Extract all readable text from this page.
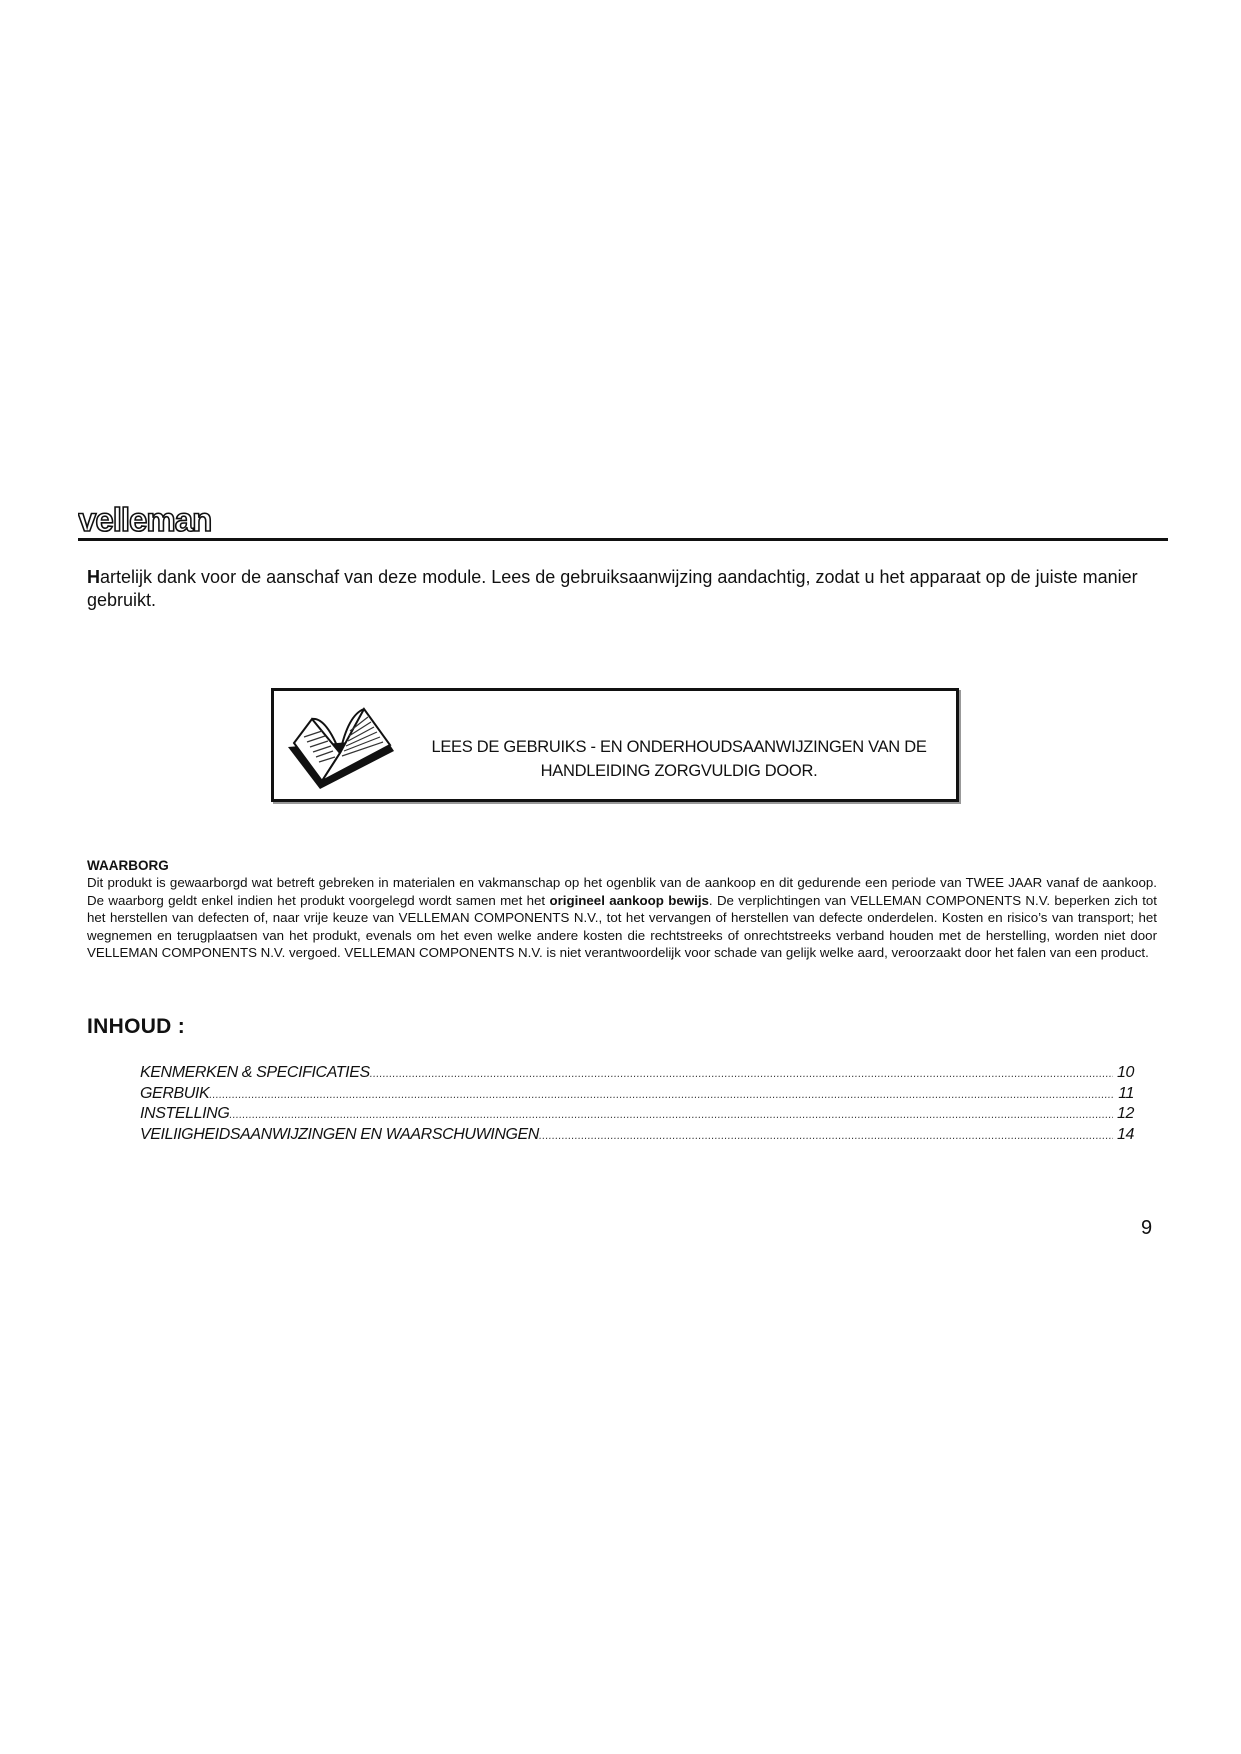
velleman

Hartelijk dank voor de aanschaf van deze module. Lees de gebruiksaanwijzing aandachtig, zodat u het apparaat op de juiste manier gebruikt.

LEES DE GEBRUIKS - EN ONDERHOUDSAANWIJZINGEN VAN DE
HANDLEIDING ZORGVULDIG DOOR.

WAARBORG

Dit produkt is gewaarborgd wat betreft gebreken in materialen en vakmanschap op het ogenblik van de aankoop en dit gedurende een periode van TWEE JAAR vanaf de aankoop. De waarborg geldt enkel indien het produkt voorgelegd wordt samen met het origineel aankoop bewijs. De verplichtingen van VELLEMAN COMPONENTS N.V. beperken zich tot het herstellen van defecten of, naar vrije keuze van VELLEMAN COMPONENTS N.V., tot het vervangen of herstellen van defecte onderdelen. Kosten en risico’s van transport; het wegnemen en terugplaatsen van het produkt, evenals om het even welke andere kosten die rechtstreeks of onrechtstreeks verband houden met de herstelling, worden niet door VELLEMAN COMPONENTS N.V. vergoed. VELLEMAN COMPONENTS N.V. is niet verantwoordelijk voor schade van gelijk welke aard, veroorzaakt door het falen van een product.

INHOUD :

KENMERKEN & SPECIFICATIES .....	10
GERBUIK .....	11
INSTELLING .....	12
VEILIIGHEIDSAANWIJZINGEN EN WAARSCHUWINGEN .....	14

9
